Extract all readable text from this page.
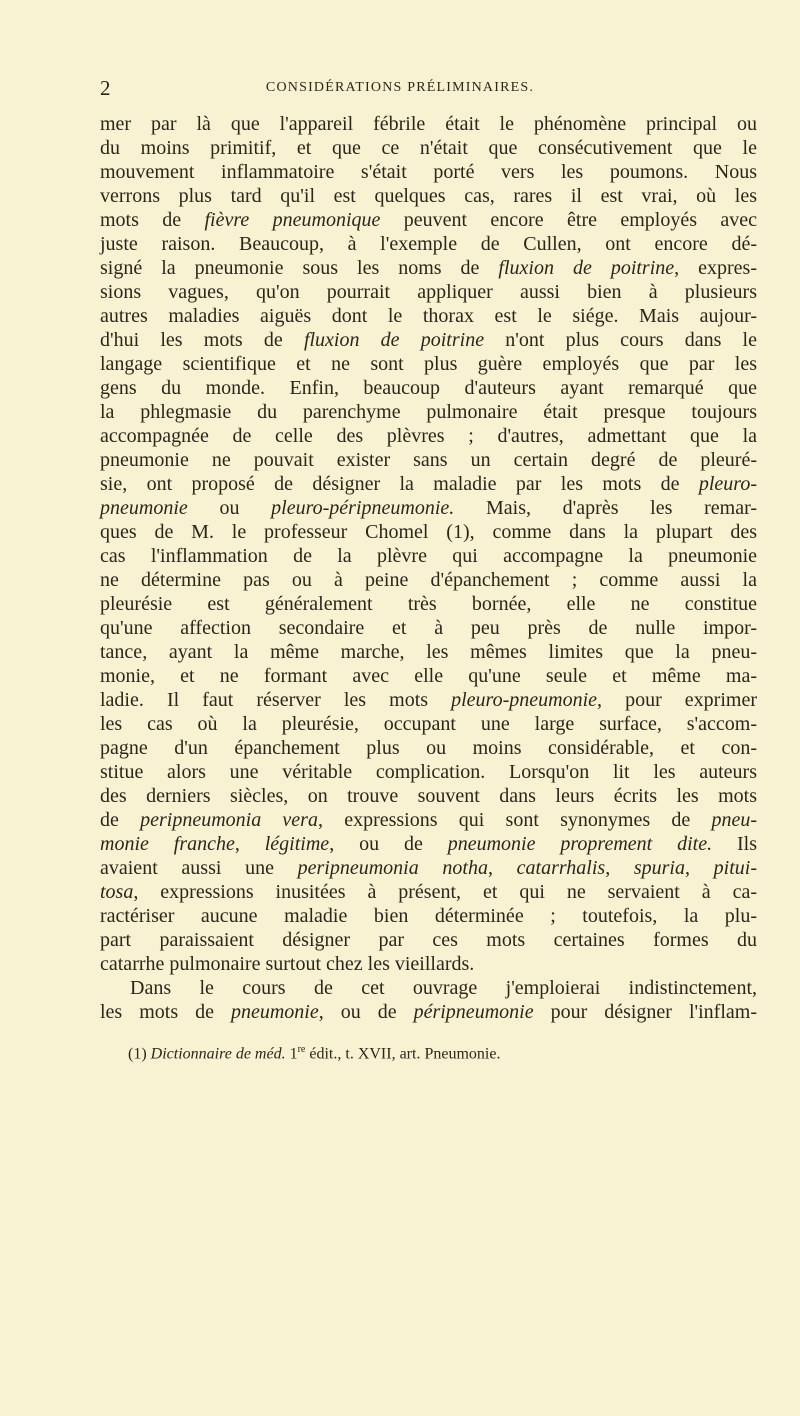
2	CONSIDÉRATIONS PRÉLIMINAIRES.
mer par là que l'appareil fébrile était le phénomène principal ou
du moins primitif, et que ce n'était que consécutivement que le
mouvement inflammatoire s'était porté vers les poumons. Nous
verrons plus tard qu'il est quelques cas, rares il est vrai, où les
mots de fièvre pneumonique peuvent encore être employés avec
juste raison. Beaucoup, à l'exemple de Cullen, ont encore dé-
signé la pneumonie sous les noms de fluxion de poitrine, expres-
sions vagues, qu'on pourrait appliquer aussi bien à plusieurs
autres maladies aiguës dont le thorax est le siége. Mais aujour-
d'hui les mots de fluxion de poitrine n'ont plus cours dans le
langage scientifique et ne sont plus guère employés que par les
gens du monde. Enfin, beaucoup d'auteurs ayant remarqué que
la phlegmasie du parenchyme pulmonaire était presque toujours
accompagnée de celle des plèvres ; d'autres, admettant que la
pneumonie ne pouvait exister sans un certain degré de pleuré-
sie, ont proposé de désigner la maladie par les mots de pleuro-
pneumonie ou pleuro-péripneumonie. Mais, d'après les remar-
ques de M. le professeur Chomel (1), comme dans la plupart des
cas l'inflammation de la plèvre qui accompagne la pneumonie
ne détermine pas ou à peine d'épanchement ; comme aussi la
pleurésie est généralement très bornée, elle ne constitue
qu'une affection secondaire et à peu près de nulle impor-
tance, ayant la même marche, les mêmes limites que la pneu-
monie, et ne formant avec elle qu'une seule et même ma-
ladie. Il faut réserver les mots pleuro-pneumonie, pour exprimer
les cas où la pleurésie, occupant une large surface, s'accom-
pagne d'un épanchement plus ou moins considérable, et con-
stitue alors une véritable complication. Lorsqu'on lit les auteurs
des derniers siècles, on trouve souvent dans leurs écrits les mots
de peripneumonia vera, expressions qui sont synonymes de pneu-
monie franche, légitime, ou de pneumonie proprement dite. Ils
avaient aussi une peripneumonia notha, catarrhalis, spuria, pitui-
tosa, expressions inusitées à présent, et qui ne servaient à ca-
ractériser aucune maladie bien déterminée ; toutefois, la plu-
part paraissaient désigner par ces mots certaines formes du
catarrhe pulmonaire surtout chez les vieillards.
Dans le cours de cet ouvrage j'emploierai indistinctement,
les mots de pneumonie, ou de péripneumonie pour désigner l'inflam-
(1) Dictionnaire de méd. 1re édit., t. XVII, art. Pneumonie.
